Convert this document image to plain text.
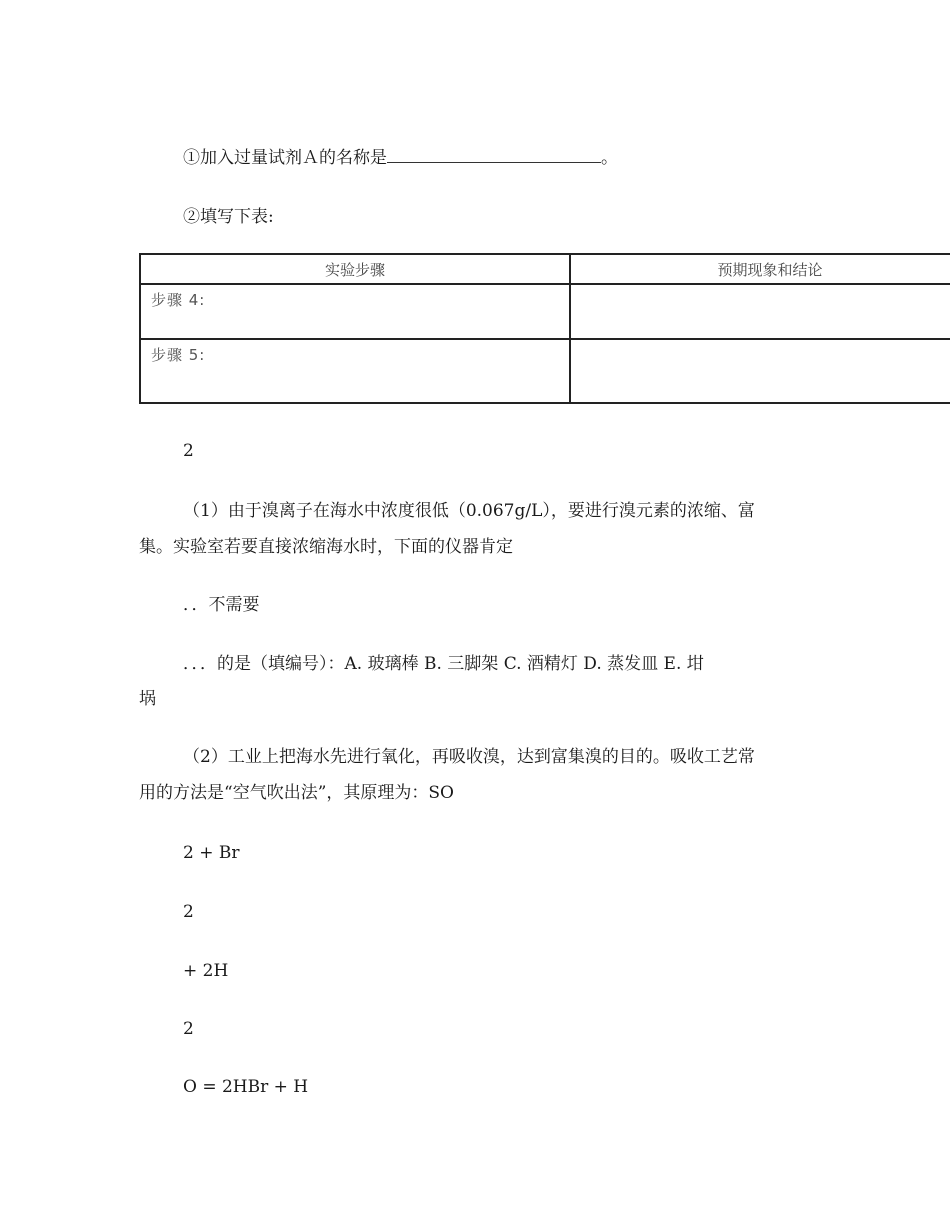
①加入过量试剂Ａ的名称是	。
②填写下表:
实验步骤	预期现象和结论

步骤 4:	

步骤 5:	

2
（1）由于溴离子在海水中浓度很低（0.067g/L），要进行溴元素的浓缩、富
集。实验室若要直接浓缩海水时，下面的仪器肯定
．．不需要
．．．的是（填编号）：A. 玻璃棒 B. 三脚架 C. 酒精灯 D. 蒸发皿 E. 坩
埚
（2）工业上把海水先进行氧化，再吸收溴，达到富集溴的目的。吸收工艺常
用的方法是“空气吹出法”，其原理为：SO
2 + Br
2
+ 2H
2
O = 2HBr + H
